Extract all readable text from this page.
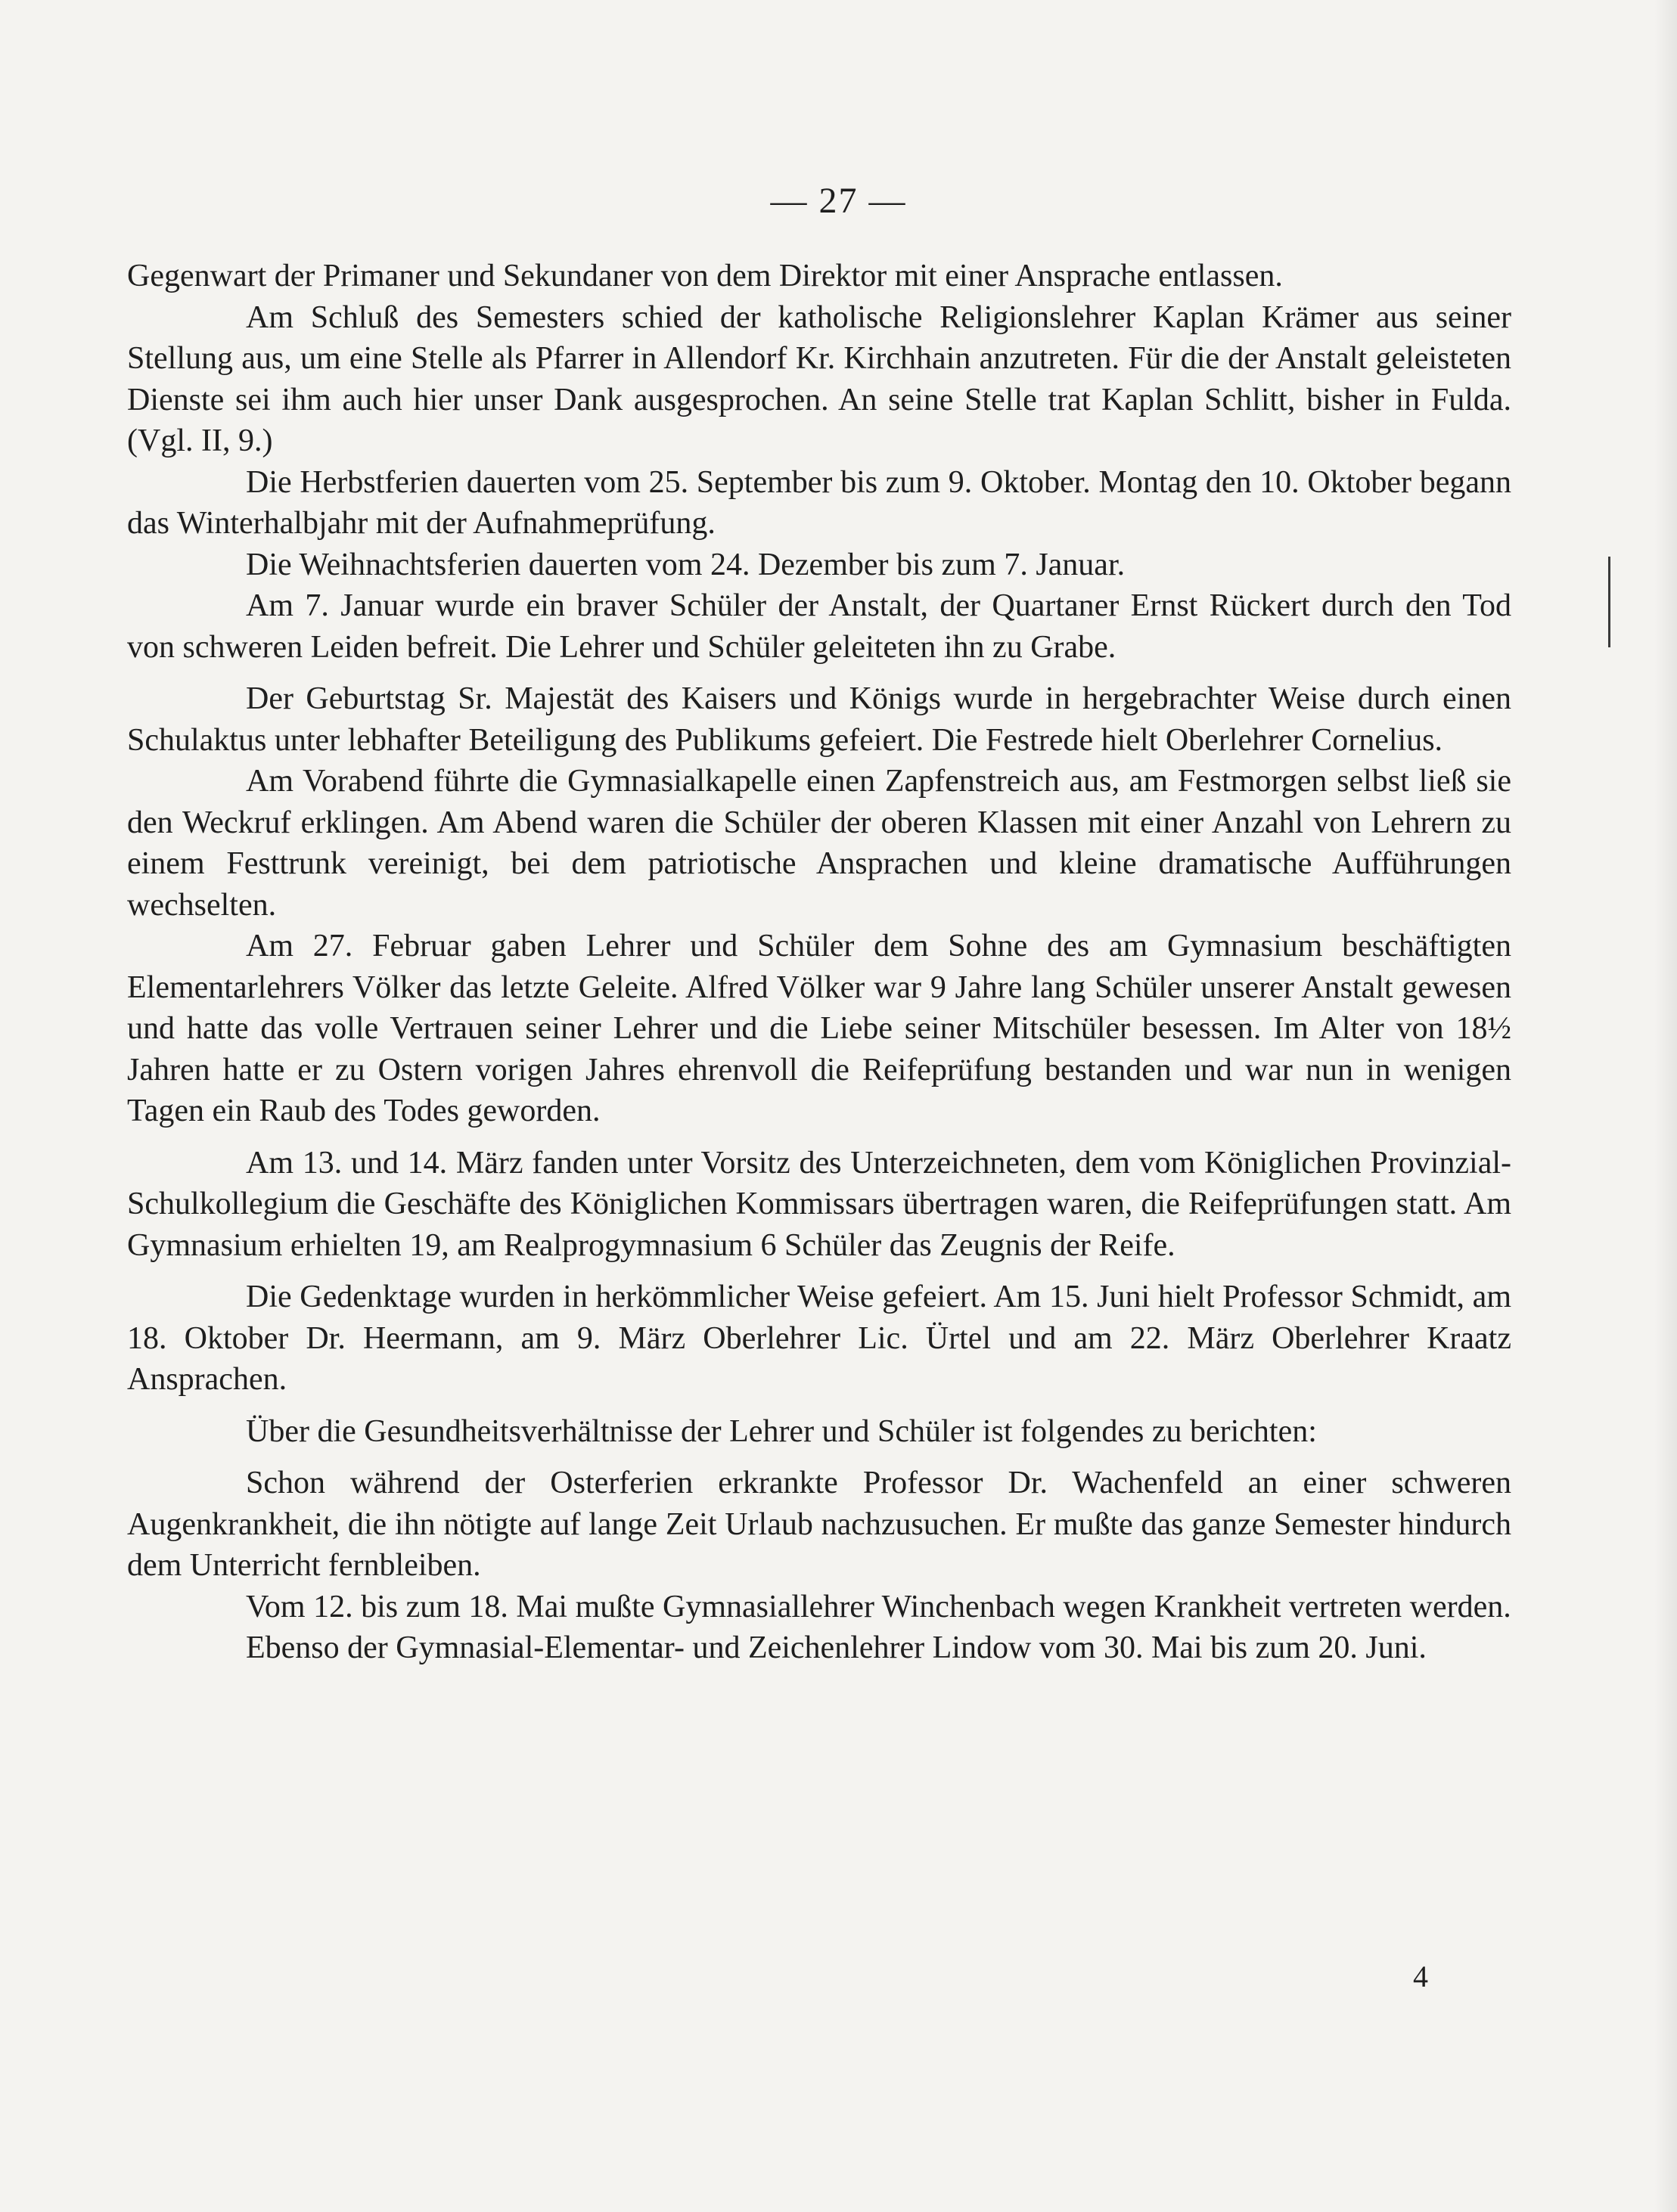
— 27 —

Gegenwart der Primaner und Sekundaner von dem Direktor mit einer Ansprache entlassen.

Am Schluß des Semesters schied der katholische Religionslehrer Kaplan Krämer aus seiner Stellung aus, um eine Stelle als Pfarrer in Allendorf Kr. Kirchhain anzutreten. Für die der Anstalt geleisteten Dienste sei ihm auch hier unser Dank ausgesprochen. An seine Stelle trat Kaplan Schlitt, bisher in Fulda. (Vgl. II, 9.)

Die Herbstferien dauerten vom 25. September bis zum 9. Oktober. Montag den 10. Oktober begann das Winterhalbjahr mit der Aufnahmeprüfung.

Die Weihnachtsferien dauerten vom 24. Dezember bis zum 7. Januar.

Am 7. Januar wurde ein braver Schüler der Anstalt, der Quartaner Ernst Rückert durch den Tod von schweren Leiden befreit. Die Lehrer und Schüler geleiteten ihn zu Grabe.

Der Geburtstag Sr. Majestät des Kaisers und Königs wurde in hergebrachter Weise durch einen Schulaktus unter lebhafter Beteiligung des Publikums gefeiert. Die Festrede hielt Oberlehrer Cornelius.

Am Vorabend führte die Gymnasialkapelle einen Zapfenstreich aus, am Festmorgen selbst ließ sie den Weckruf erklingen. Am Abend waren die Schüler der oberen Klassen mit einer Anzahl von Lehrern zu einem Festtrunk vereinigt, bei dem patriotische Ansprachen und kleine dramatische Aufführungen wechselten.

Am 27. Februar gaben Lehrer und Schüler dem Sohne des am Gymnasium beschäftigten Elementarlehrers Völker das letzte Geleite. Alfred Völker war 9 Jahre lang Schüler unserer Anstalt gewesen und hatte das volle Vertrauen seiner Lehrer und die Liebe seiner Mitschüler besessen. Im Alter von 18½ Jahren hatte er zu Ostern vorigen Jahres ehrenvoll die Reifeprüfung bestanden und war nun in wenigen Tagen ein Raub des Todes geworden.

Am 13. und 14. März fanden unter Vorsitz des Unterzeichneten, dem vom Königlichen Provinzial-Schulkollegium die Geschäfte des Königlichen Kommissars übertragen waren, die Reifeprüfungen statt. Am Gymnasium erhielten 19, am Realprogymnasium 6 Schüler das Zeugnis der Reife.

Die Gedenktage wurden in herkömmlicher Weise gefeiert. Am 15. Juni hielt Professor Schmidt, am 18. Oktober Dr. Heermann, am 9. März Oberlehrer Lic. Ürtel und am 22. März Oberlehrer Kraatz Ansprachen.

Über die Gesundheitsverhältnisse der Lehrer und Schüler ist folgendes zu berichten:

Schon während der Osterferien erkrankte Professor Dr. Wachenfeld an einer schweren Augenkrankheit, die ihn nötigte auf lange Zeit Urlaub nachzusuchen. Er mußte das ganze Semester hindurch dem Unterricht fernbleiben.

Vom 12. bis zum 18. Mai mußte Gymnasiallehrer Winchenbach wegen Krankheit vertreten werden.

Ebenso der Gymnasial-Elementar- und Zeichenlehrer Lindow vom 30. Mai bis zum 20. Juni.

4
